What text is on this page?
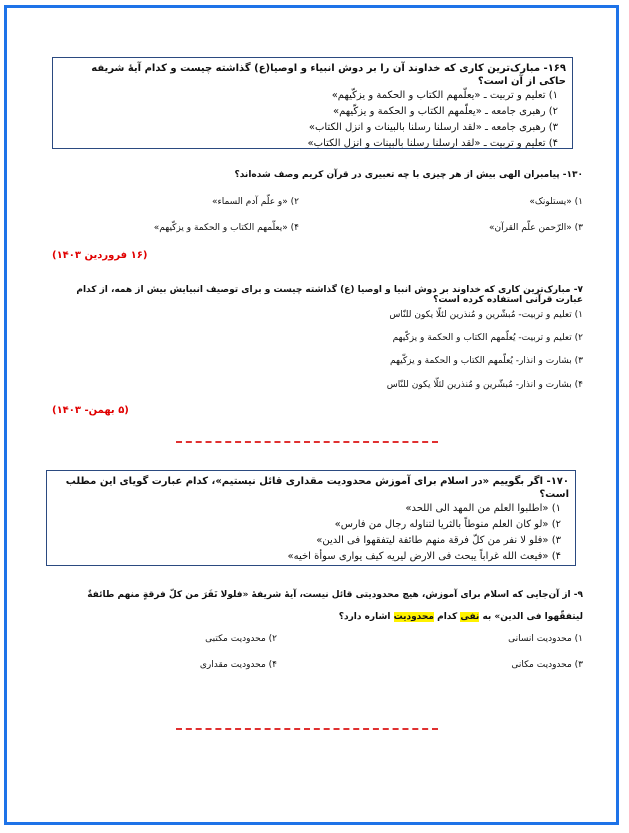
۱۶۹- مبارک‌ترین کاری که خداوند آن را بر دوش انبیاء و اوصیا(ع) گذاشته چیست و کدام آیهٔ شریفه حاکی از آن است؟
۱) تعلیم و تربیت ـ «یعلّمهم الکتاب و الحکمة و یزکّیهم»
۲) رهبری جامعه ـ «یعلّمهم الکتاب و الحکمة و یزکّیهم»
۳) رهبری جامعه ـ «لقد ارسلنا رسلنا بالبینات و انزل الکتاب»
۴) تعلیم و تربیت ـ «لقد ارسلنا رسلنا بالبینات و انزل الکتاب»
۱۳۰- پیامبران الهی بیش از هر چیزی با چه تعبیری در قرآن کریم وصف شده‌اند؟
۱) «یستلونک»
۲) «و علّم آدم السماء»
۳) «الرّحمن علّم القرآن»
۴) «یعلّمهم الکتاب و الحکمة و یزکّیهم»
(۱۶ فروردین ۱۴۰۳)
۷- مبارک‌ترین کاری که خداوند بر دوش انبیا و اوصیا (ع) گذاشته چیست و برای توصیف انبیایش بیش از همه، از کدام عبارت قرآنی استفاده کرده است؟
۱) تعلیم و تربیت- مُبشّرین و مُنذرین لئلّا یکون للنّاس
۲) تعلیم و تربیت- یُعلّمهم الکتاب و الحکمة و یزکّیهم
۳) بشارت و انذار- یُعلّمهم الکتاب و الحکمة و یزکّیهم
۴) بشارت و انذار- مُبشّرین و مُنذرین لئلّا یکون للنّاس
(۵ بهمن- ۱۴۰۳)
۱۷۰- اگر بگوییم «در اسلام برای آموزش محدودیت مقداری قائل نیستیم»، کدام عبارت گویای این مطلب است؟
۱) «اطلبوا العلم من المهد الی اللحد»
۲) «لو کان العلم منوطاً بالثریا لتناوله رجال من فارس»
۳) «فلو لا نفر من کلّ فرقة منهم طائفة لیتفقهوا فی الدین»
۴) «فیعث الله غراباً یبحث فی الارض لیریه کیف یواری سوأة اخیه»
۹- از آن‌جایی که اسلام برای آموزش، هیچ محدودیتی قائل نیست، آیهٔ شریفهٔ «فلولا نَفَرَ من کلّ فرقةٍ منهم طائفةٌ لیتفقّهوا فی الدین» به نفی کدام محدودیت اشاره دارد؟
۱) محدودیت انسانی
۲) محدودیت مکتبی
۳) محدودیت مکانی
۴) محدودیت مقداری
